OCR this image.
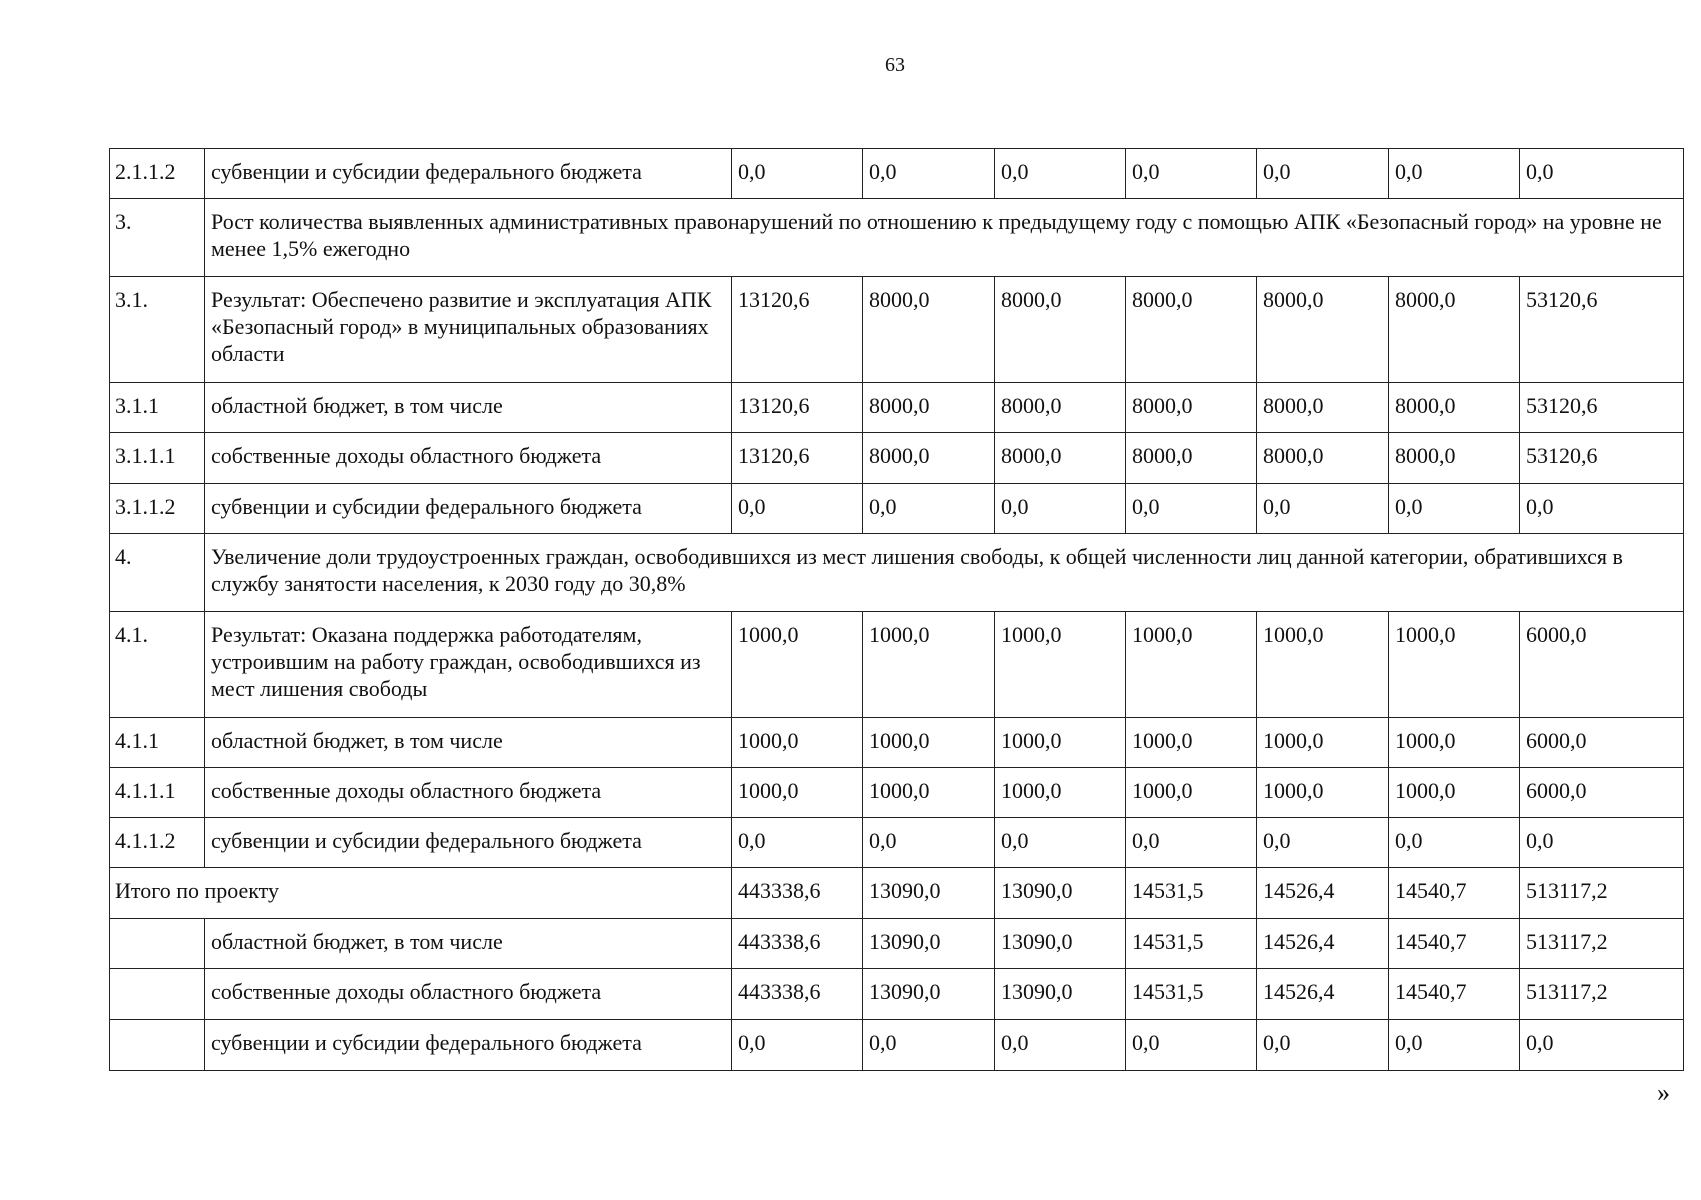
63
2.1.1.2	субвенции и субсидии федерального бюджета	0,0	0,0	0,0	0,0	0,0	0,0	0,0
3.	Рост количества выявленных административных правонарушений по отношению к предыдущему году с помощью АПК «Безопасный город» на уровне не менее 1,5% ежегодно							
3.1.	Результат: Обеспечено развитие и эксплуатация АПК «Безопасный город» в муниципальных образованиях области	13120,6	8000,0	8000,0	8000,0	8000,0	8000,0	53120,6
3.1.1	областной бюджет, в том числе	13120,6	8000,0	8000,0	8000,0	8000,0	8000,0	53120,6
3.1.1.1	собственные доходы областного бюджета	13120,6	8000,0	8000,0	8000,0	8000,0	8000,0	53120,6
3.1.1.2	субвенции и субсидии федерального бюджета	0,0	0,0	0,0	0,0	0,0	0,0	0,0
4.	Увеличение доли трудоустроенных граждан, освободившихся из мест лишения свободы, к общей численности лиц данной категории, обратившихся в службу занятости населения, к 2030 году до 30,8%							
4.1.	Результат: Оказана поддержка работодателям, устроившим на работу граждан, освободившихся из мест лишения свободы	1000,0	1000,0	1000,0	1000,0	1000,0	1000,0	6000,0
4.1.1	областной бюджет, в том числе	1000,0	1000,0	1000,0	1000,0	1000,0	1000,0	6000,0
4.1.1.1	собственные доходы областного бюджета	1000,0	1000,0	1000,0	1000,0	1000,0	1000,0	6000,0
4.1.1.2	субвенции и субсидии федерального бюджета	0,0	0,0	0,0	0,0	0,0	0,0	0,0
Итого по проекту		443338,6	13090,0	13090,0	14531,5	14526,4	14540,7	513117,2
	областной бюджет, в том числе	443338,6	13090,0	13090,0	14531,5	14526,4	14540,7	513117,2
	собственные доходы областного бюджета	443338,6	13090,0	13090,0	14531,5	14526,4	14540,7	513117,2
	субвенции и субсидии федерального бюджета	0,0	0,0	0,0	0,0	0,0	0,0	0,0
»
